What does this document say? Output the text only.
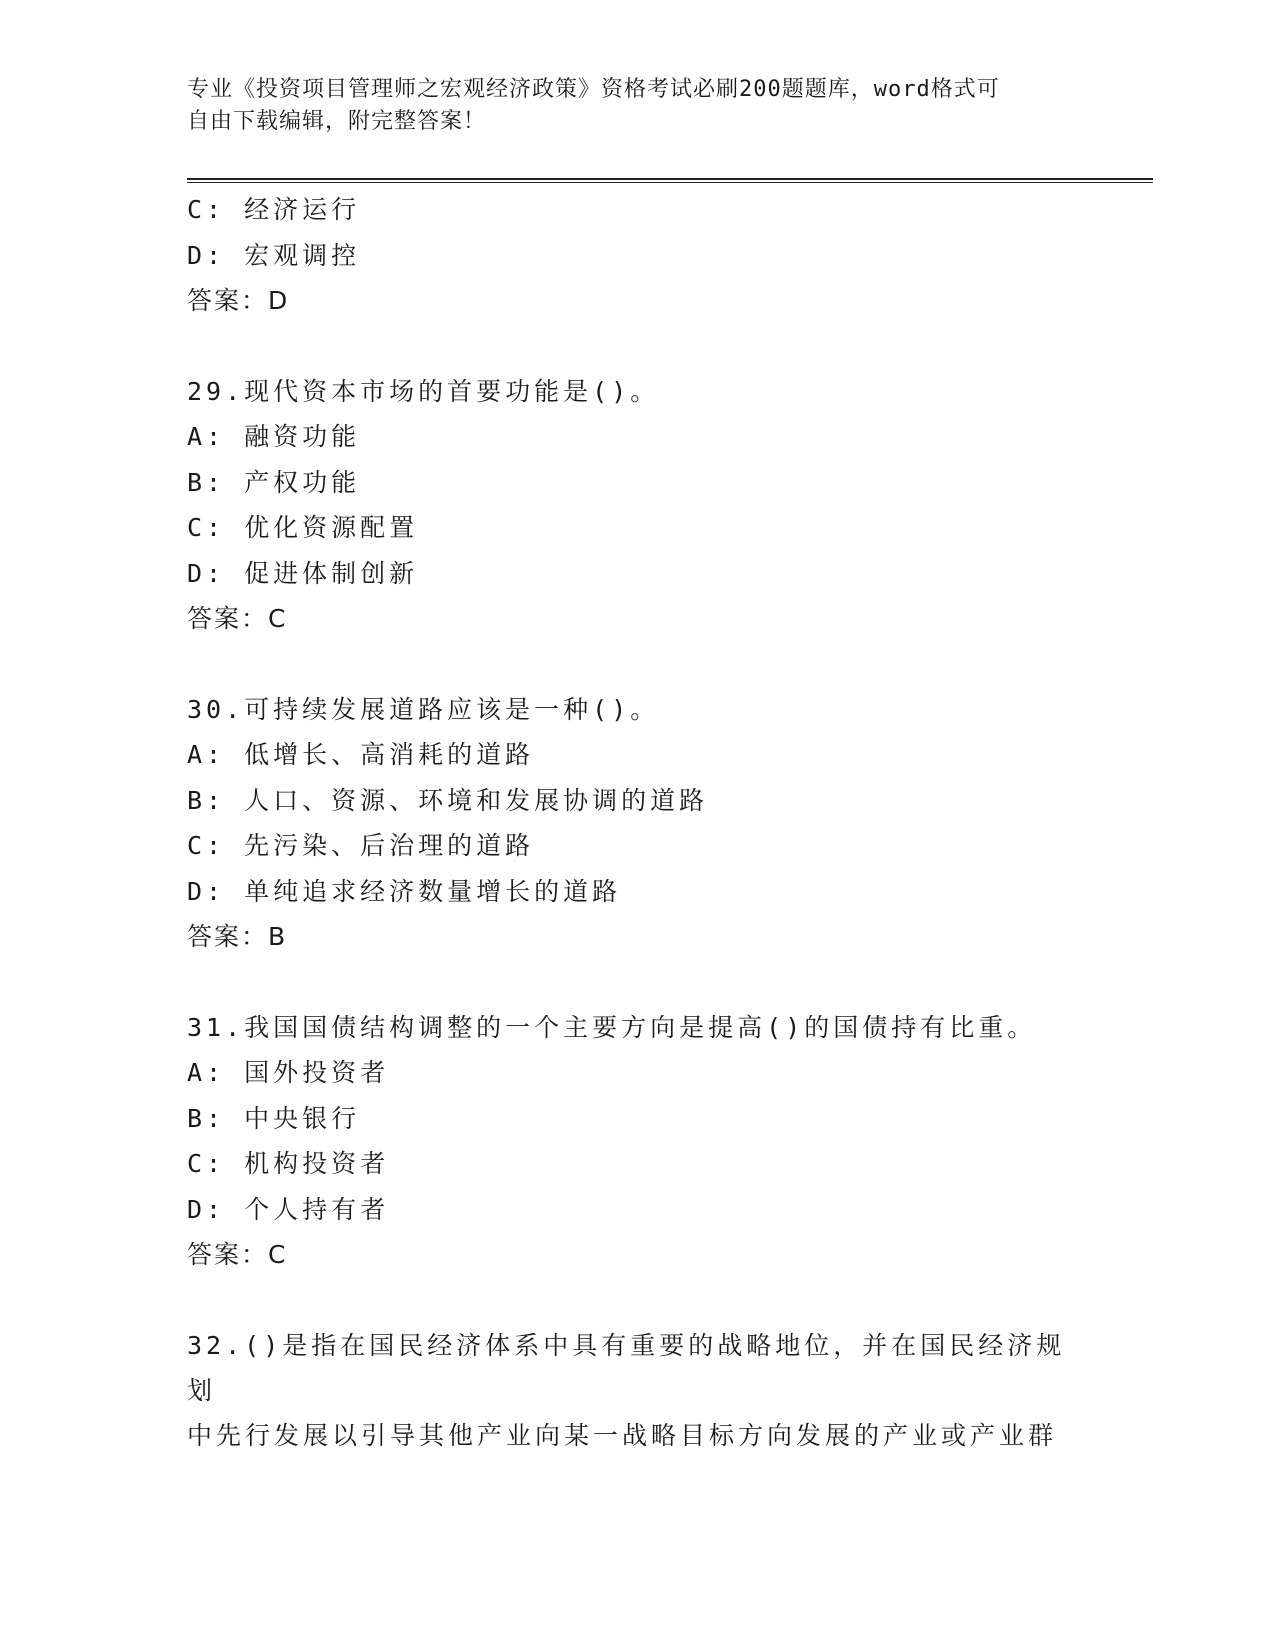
专业《投资项目管理师之宏观经济政策》资格考试必刷200题题库，word格式可
自由下载编辑，附完整答案！
C: 经济运行
D: 宏观调控
答案：D
29.现代资本市场的首要功能是()。
A: 融资功能
B: 产权功能
C: 优化资源配置
D: 促进体制创新
答案：C
30.可持续发展道路应该是一种()。
A: 低增长、高消耗的道路
B: 人口、资源、环境和发展协调的道路
C: 先污染、后治理的道路
D: 单纯追求经济数量增长的道路
答案：B
31.我国国债结构调整的一个主要方向是提高()的国债持有比重。
A: 国外投资者
B: 中央银行
C: 机构投资者
D: 个人持有者
答案：C
32.()是指在国民经济体系中具有重要的战略地位，并在国民经济规划
中先行发展以引导其他产业向某一战略目标方向发展的产业或产业群
